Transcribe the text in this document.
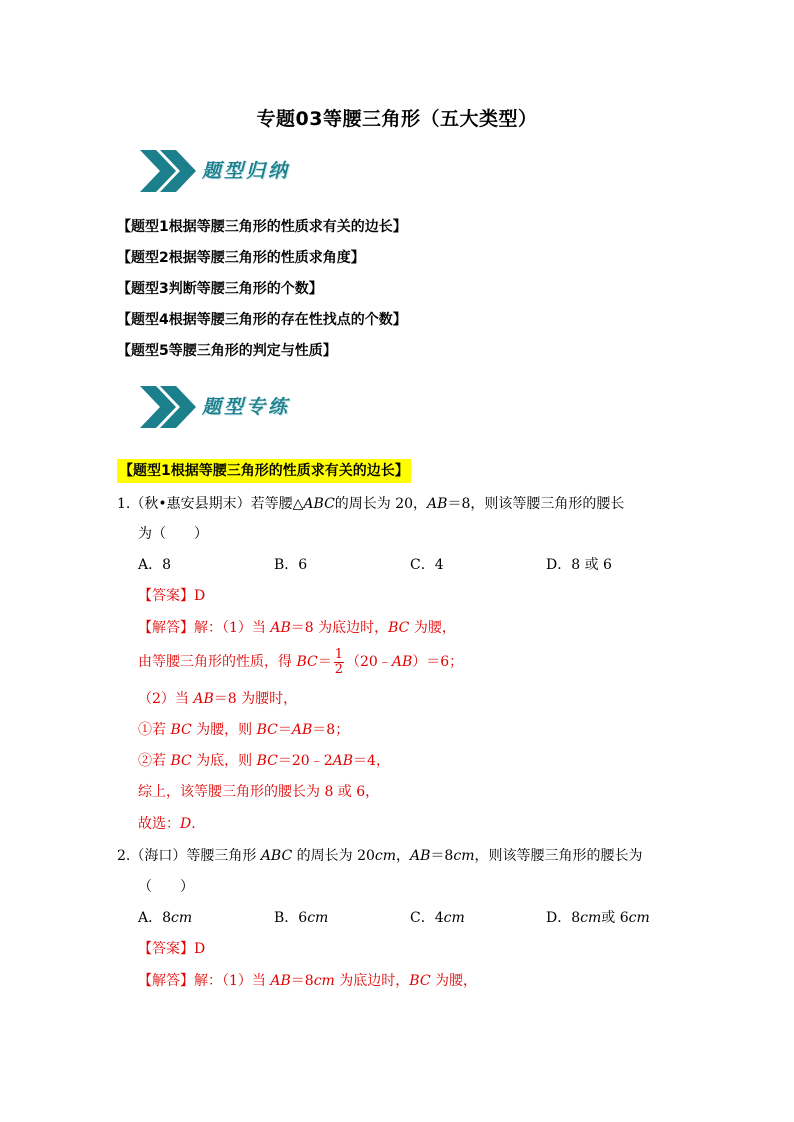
专题03等腰三角形（五大类型）
题型归纳
【题型1根据等腰三角形的性质求有关的边长】
【题型2根据等腰三角形的性质求角度】
【题型3判断等腰三角形的个数】
【题型4根据等腰三角形的存在性找点的个数】
【题型5等腰三角形的判定与性质】
题型专练
【题型1根据等腰三角形的性质求有关的边长】
1.（秋•惠安县期末）若等腰△ABC的周长为 20，AB＝8，则该等腰三角形的腰长
为（　　）
A．8	B．6	C．4	D．8 或 6
【答案】D
【解答】解：（1）当 AB＝8 为底边时，BC 为腰，
由等腰三角形的性质，得 $BC= \frac{1}{2}$ （20﹣AB）＝6；
（2）当 AB＝8 为腰时，
①若 BC 为腰，则 BC＝AB＝8；
②若 BC 为底，则 BC＝20﹣2AB＝4，
综上，该等腰三角形的腰长为 8 或 6，
故选：D.
2.（海口）等腰三角形 ABC 的周长为 20cm，AB＝8cm，则该等腰三角形的腰长为
（　　）
A．8cm	B．6cm	C．4cm	D．8cm或 6cm
【答案】D
【解答】解：（1）当 AB＝8cm 为底边时，BC 为腰，
